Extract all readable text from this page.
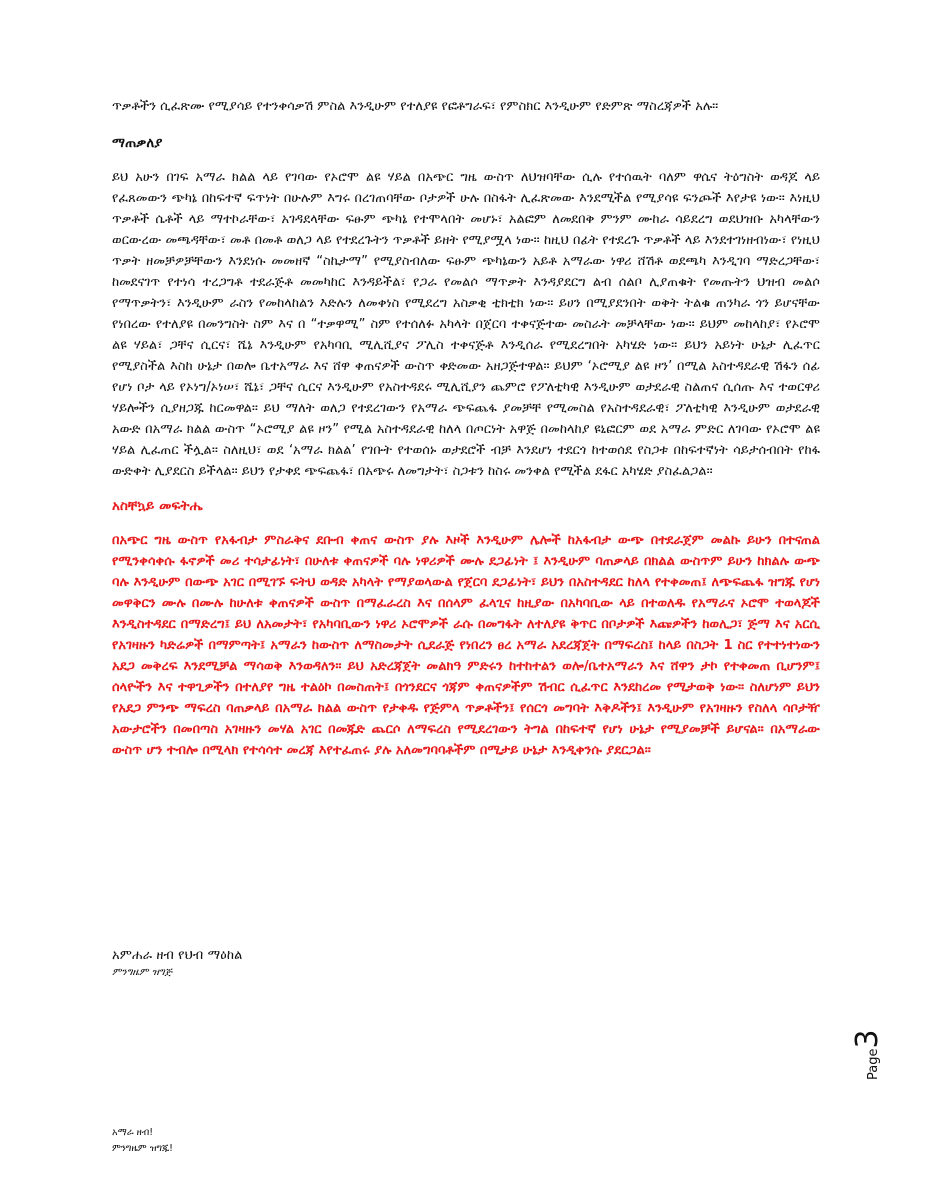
ጥቃቶችን ሲፈጽሙ የሚያሳይ የተንቀሳቃሽ ምስል እንዲሁም የተለያዩ የፎቶግራፍ፣ የምስክር እንዲሁም የድምጽ ማስረጃዎች አሉ።

ማጠቃለያ

ይህ አሁን በገፍ አማራ ክልል ላይ የገባው የኦሮሞ ልዩ ሃይል በአጭር ግዜ ውስጥ ለህዝባቸው ሲሉ የተሰዉት ባለም ዋሴና ትዕግስት ወዳጆ ላይ የፈጸመውን ጭካኔ በከፍተኛ ፍጥነት በሁሉም እግሩ በረገጠባቸው ቦታዎች ሁሉ በስፋት ሊፈጽመው እንደሚችል የሚያሳዩ ፍንጮች እየታዩ ነው። እነዚህ ጥቃቶች ሴቶች ላይ ማተኮራቸው፣ አገዳደላቸው ፍፁም ጭካኔ የተሞላበት መሆኑ፣ አልፎም ለመደበቅ ምንም ሙከራ ሳይደረግ ወደህዝቡ አካላቸውን ወርውረው መጫዳቸው፣ መቶ በመቶ ወለጋ ላይ የተደረጉትን ጥቃቶች ይዘት የሚያሟላ ነው። ከዚህ በፊት የተደረጉ ጥቃቶች ላይ እንደተገነዘብነው፣ የነዚህ ጥቃት ዘመቻዎቻቸውን እንደነሱ መመዘኛ “ስኬታማ” የሚያስብለው ፍፁም ጭካኔውን አይቶ አማራው ነዋሪ ሸሽቶ ወደጫካ እንዲገባ ማድረጋቸው፣ ከመደናገጥ የተነሳ ተረጋግቶ ተደራጅቶ መመካከር እንዳይችል፣ የጋራ የመልሶ ማጥቃት እንዳያደርግ ልብ ሰልቦ ሊያጠቁት የመጡትን ህዝብ መልሶ የማጥቃትን፣ እንዲሁም ራስን የመከላከልን እድሉን ለመቀነስ የሚደረግ አስቃቂ ቲክቲክ ነው። ይሀን በሚያደንበት ወቅት ትልቁ ጠንካራ ጎን ይሆናቸው የነበረው የተለያዩ በመንግስት ስም እና በ “ተቃዋሚ” ስም የተሰለፉ አካላት በጀርባ ተቀናጅተው መስራት መቻላቸው ነው። ይህም መከላከያ፣ የኦሮሞ ልዩ ሃይል፣ ጋቸና ሲርና፣ ሼኔ እንዲሁም የአካባቢ ሚሊሺያና ፖሊስ ተቀናጅቶ እንዲሰራ የሚደረግበት አካሄድ ነው። ይህን አይነት ሁኔታ ሊፈጥር የሚያስችል እስከ ሁኔታ በወሎ ቤተአማራ እና ሸዋ ቀጠናዎች ውስጥ ቀድመው አዘጋጅተዋል። ይህም ‘ኦሮሚያ ልዩ ዞን’ በሚል አስተዳደራዊ ሽፋን ሰፊ የሆነ ቦታ ላይ የኦነግ/ኦነሠ፣ ሼኔ፣ ጋቸና ሲርና እንዲሁም የአስተዳደሩ ሚሊሺያን ጨምሮ የፖለቲካዊ እንዲሁም ወታደራዊ ስልጠና ሲሰጡ እና ተወርዋሪ ሃይሎችን ሲያዘጋጁ ከርመዋል። ይህ ማለት ወለጋ የተደረገውን የአማራ ጭፍጨፋ ያመቻቸ የሚመስል የአስተዳደራዊ፣ ፖለቲካዊ እንዲሁም ወታደራዊ አውድ በአማራ ክልል ውስጥ “ኦሮሚያ ልዩ ዞን” የሚል አስተዳደራዊ ከለላ በጦርነት አዋጅ በመከላከያ ዩኒፎርም ወደ አማራ ምድር ለገባው የኦሮሞ ልዩ ሃይል ሊፈጠር ችሏል። ስለዚህ፣ ወደ ‘አማራ ክልል’ የገቡት የተወሰኑ ወታደሮች ብቻ እንደሆነ ተደርጎ ከተወሰደ የስጋቱ በከፍተኛነት ሳይታሰብበት የከፋ ውድቀት ሊያደርስ ይችላል። ይህን የታቀደ ጭፍጨፋ፣ በአጭሩ ለመግታት፣ ስጋቱን ከስሩ መንቀል የሚችል ደፋር አካሄድ ያስፈልጋል።

አስቸኳይ መፍትሔ

በአጭር ግዜ ውስጥ የአፋብታ ምስራቅና ደቡብ ቀጠና ውስጥ ያሉ እዞች እንዲሁም ሌሎች ከአፋብታ ውጭ በተደራጀም መልኩ ይሁን በተናጠል የሚንቀሳቀሱ ፋኖዎች መሪ ተሳታፊነት፣ በሁለቱ ቀጠናዎች ባሉ ነዋሪዎች ሙሉ ደጋፊነት ፤ እንዲሁም ባጠቃላይ በክልል ውስጥም ይሁን ከክልሉ ውጭ ባሉ እንዲሁም በውጭ አገር በሚገኙ ፍትህ ወዳድ አካላት የማያወላውል የጀርባ ደጋፊነት፣ ይህን በአስተዳደር ከለላ የተቀመጠ፤ ለጭፍጨፋ ዝግጁ የሆነ መዋቅርን ሙሉ በሙሉ ከሁለቱ ቀጠናዎች ውስጥ በማፈራረስ እና በሰላም ፈላጊና ከዚያው በአካባቢው ላይ በተወለዱ የአማራና ኦሮሞ ተወላጆች እንዲስተዳደር በማድረግ፤ ይህ ለአመታት፣ የአካባቢውን ነዋሪ ኦሮሞዎች ራሱ በመግፋት ለተለያዩ ቅጥር በቦታዎች እጩዎችን ከወሊጋ፣ ጅማ እና አርሲ የአገዛዙን ካድሬዎች በማምጣት፤ አማራን ከውስጥ ለማስመታት ሲደራጅ የነበረን ፀረ አማራ አደረጃጀት በማፍረስ፤ ከላይ በስጋት 1 ስር የተተነተነውን አደጋ መቅረፍ እንደሚቻል ማሳወቅ እንወዳለን። ይህ አድረጃጀት መልክዓ ምድሩን ከተከተልን ወሎ/ቤተአማራን እና ሸዋን ታኮ የተቀመጠ ቢሆንም፤ ሰላዮችን እና ተዋጊዎችን በተለያየ ግዜ ተልዕኮ በመስጠት፤ በጎንደርና ጎጃም ቀጠናዎችም ሽብር ሲፈጥር እንደከረመ የሚታወቅ ነው። ስለሆነም ይህን የአደጋ ምንጭ ማፍረስ ባጠቃላይ በአማራ ክልል ውስጥ የታቀዱ የጅምላ ጥቃቶችን፤ የሰርጎ መግባት እቅዶችን፤ እንዲሁም የአገዛዙን የስለላ ሳቦታዥ አውታሮችን በመበጣስ አገዛዙን መሃል አገር በመጁድ ጨርሶ ለማፍረስ የሚደረገውን ትግል በከፍተኛ የሆነ ሁኔታ የሚያመቻች ይሆናል። በአማራው ውስጥ ሆን ተብሎ በሚላክ የተሳሳተ መረጃ እየተፈጠሩ ያሉ አለመግባባቶችም በሚታይ ሁኔታ እንዲቀንሱ ያደርጋል።

አምሐራ ዘብ የህብ ማዕከል
ምንግዜም ዝግጅ
Page3
አማራ ዘብ!
ምንግዜም ዝግጁ!
